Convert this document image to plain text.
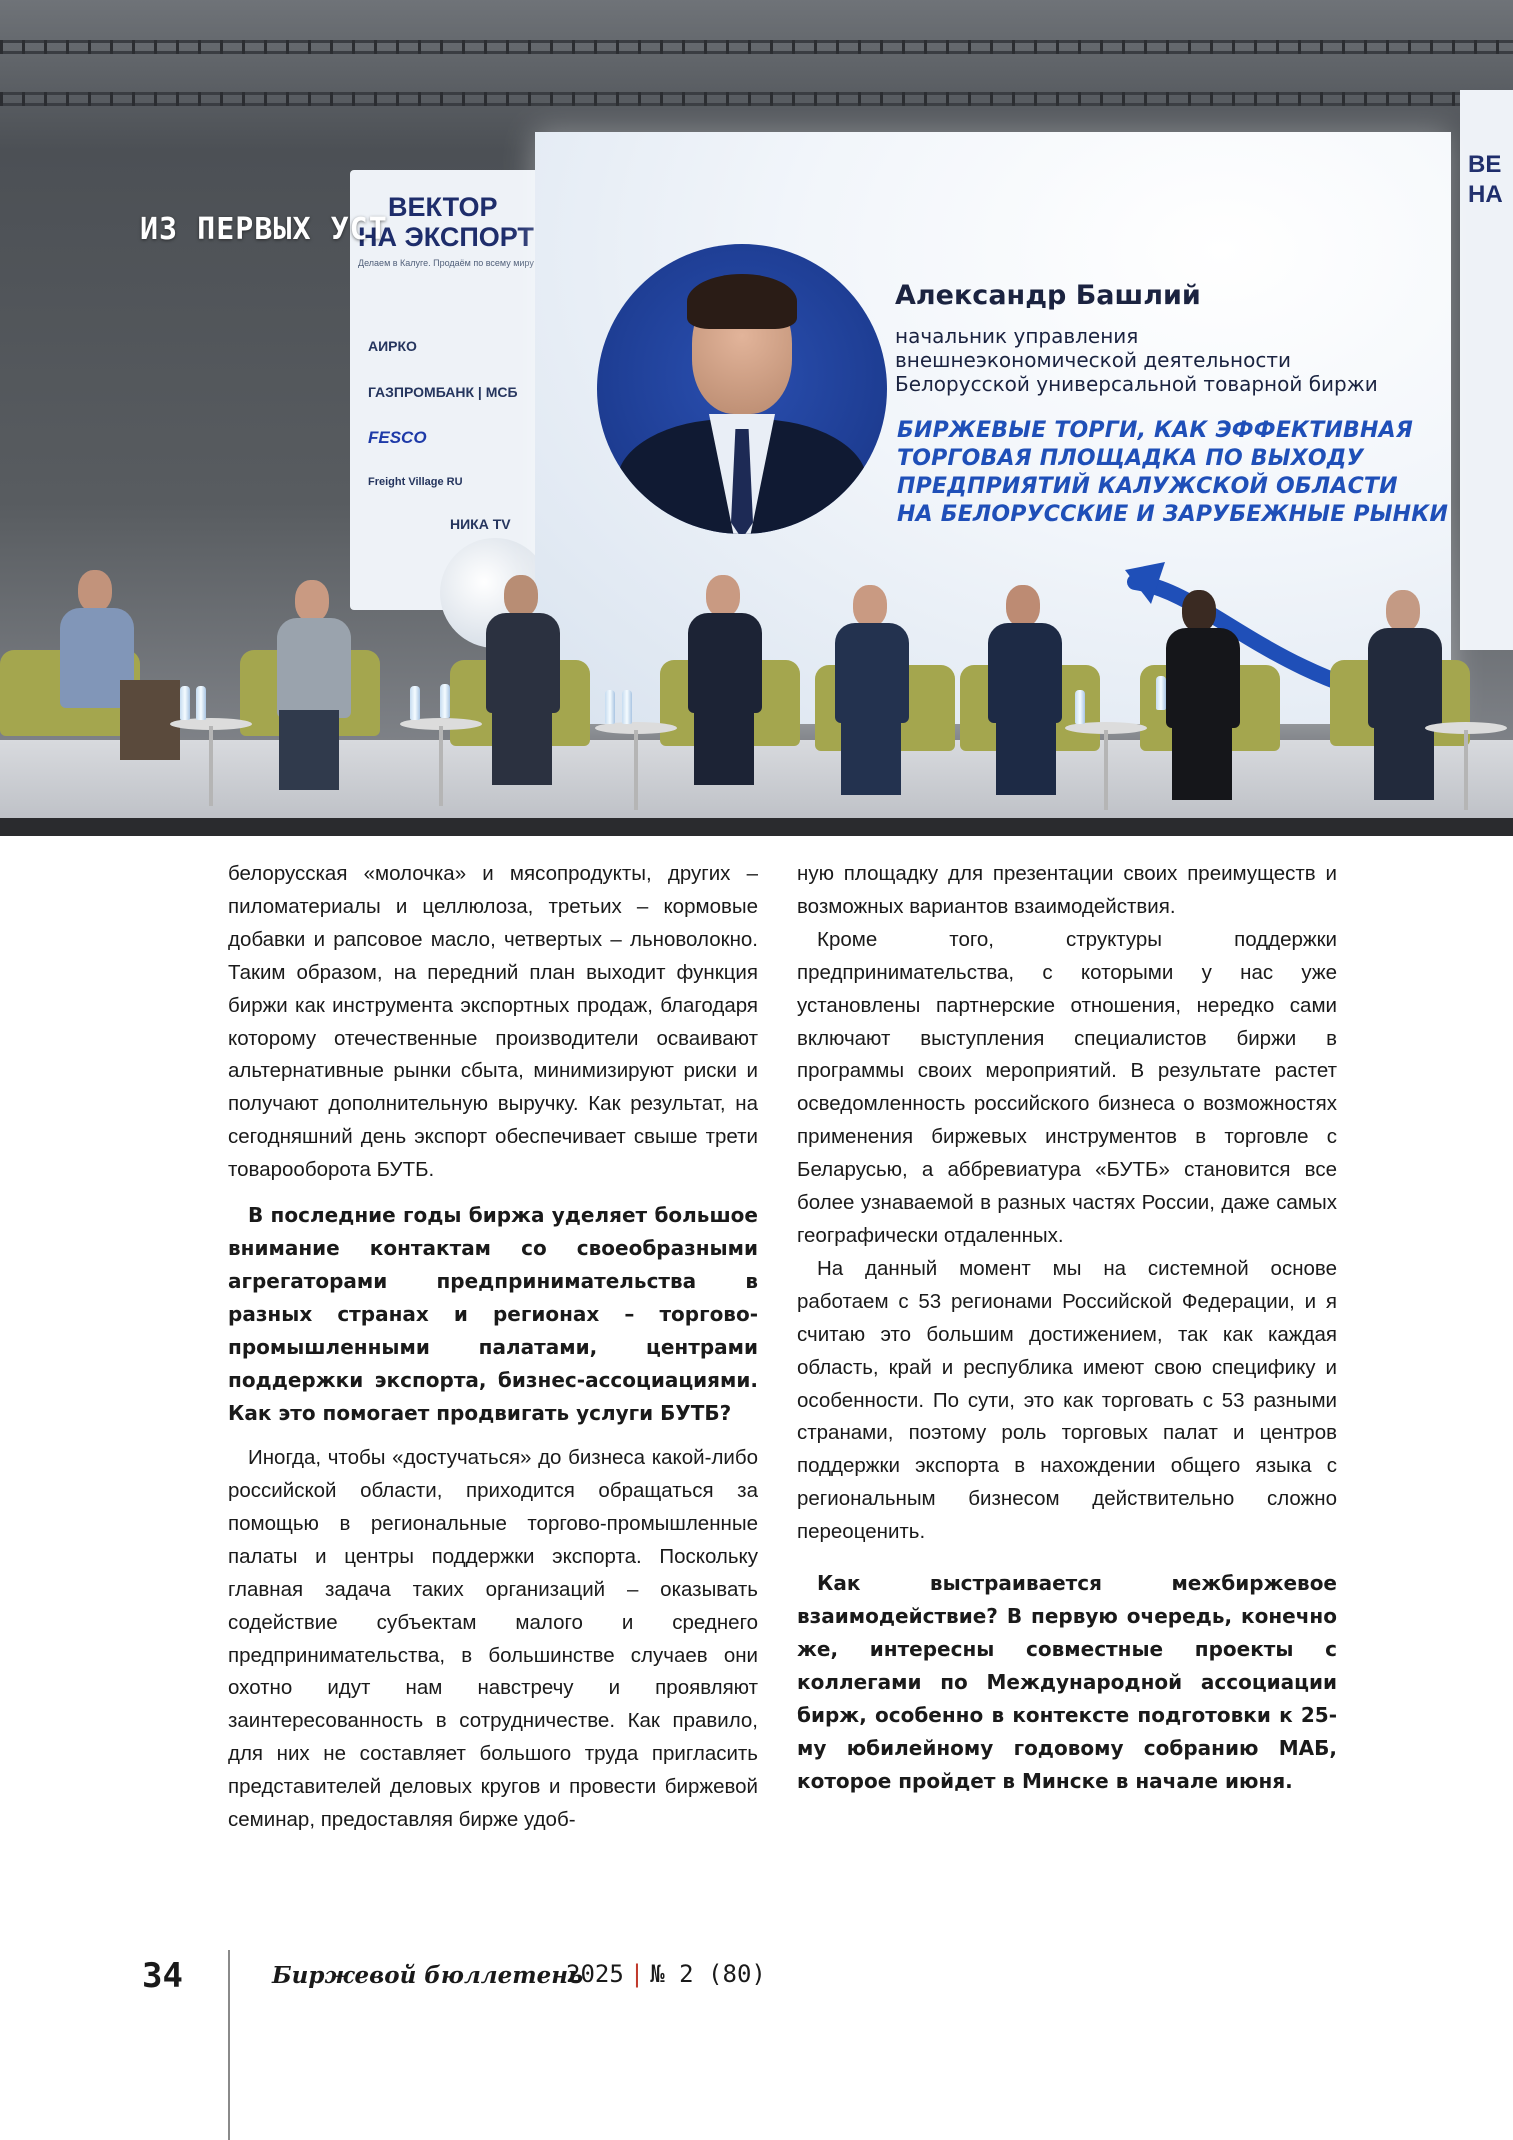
ВЕКТОР
НА ЭКСПОРТ
Делаем в Калуге. Продаём по всему миру
АИРКО
ГАЗПРОМБАНК | МСБ
FESCO
Freight Village RU
НИКА TV
ВЕ
НА
Александр Башлий
начальник управления
внешнеэкономической деятельности
Белорусской универсальной товарной биржи
БИРЖЕВЫЕ ТОРГИ, КАК ЭФФЕКТИВНАЯ
ТОРГОВАЯ ПЛОЩАДКА ПО ВЫХОДУ
ПРЕДПРИЯТИЙ КАЛУЖСКОЙ ОБЛАСТИ
НА БЕЛОРУССКИЕ И ЗАРУБЕЖНЫЕ РЫНКИ
ИЗ ПЕРВЫХ УСТ

белорусская «молочка» и мясопродукты, других – пиломатериалы и целлюлоза, третьих – кормовые добавки и рапсовое масло, четвертых – льноволокно. Таким образом, на передний план выходит функция биржи как инструмента экспортных продаж, благодаря которому отечественные производители осваивают альтернативные рынки сбыта, минимизируют риски и получают дополнительную выручку. Как результат, на сегодняшний день экспорт обеспечивает свыше трети товарооборота БУТБ.

В последние годы биржа уделяет большое внимание контактам со своеобразными агрегаторами предпринимательства в разных странах и регионах – торгово-промышленными палатами, центрами поддержки экспорта, бизнес-ассоциациями. Как это помогает продвигать услуги БУТБ?

Иногда, чтобы «достучаться» до бизнеса какой-либо российской области, приходится обращаться за помощью в региональные торгово-промышленные палаты и центры поддержки экспорта. Поскольку главная задача таких организаций – оказывать содействие субъектам малого и среднего предпринимательства, в большинстве случаев они охотно идут нам навстречу и проявляют заинтересованность в сотрудничестве. Как правило, для них не составляет большого труда пригласить представителей деловых кругов и провести биржевой семинар, предоставляя бирже удоб-

ную площадку для презентации своих преимуществ и возможных вариантов взаимодействия.

Кроме того, структуры поддержки предпринимательства, с которыми у нас уже установлены партнерские отношения, нередко сами включают выступления специалистов биржи в программы своих мероприятий. В результате растет осведомленность российского бизнеса о возможностях применения биржевых инструментов в торговле с Беларусью, а аббревиатура «БУТБ» становится все более узнаваемой в разных частях России, даже самых географически отдаленных.

На данный момент мы на системной основе работаем с 53 регионами Российской Федерации, и я считаю это большим достижением, так как каждая область, край и республика имеют свою специфику и особенности. По сути, это как торговать с 53 разными странами, поэтому роль торговых палат и центров поддержки экспорта в нахождении общего языка с региональным бизнесом действительно сложно переоценить.

Как выстраивается межбиржевое взаимодействие? В первую очередь, конечно же, интересны совместные проекты с коллегами по Международной ассоциации бирж, особенно в контексте подготовки к 25-му юбилейному годовому собранию МАБ, которое пройдет в Минске в начале июня.

34	Биржевой бюллетень
2025 | № 2 (80)
